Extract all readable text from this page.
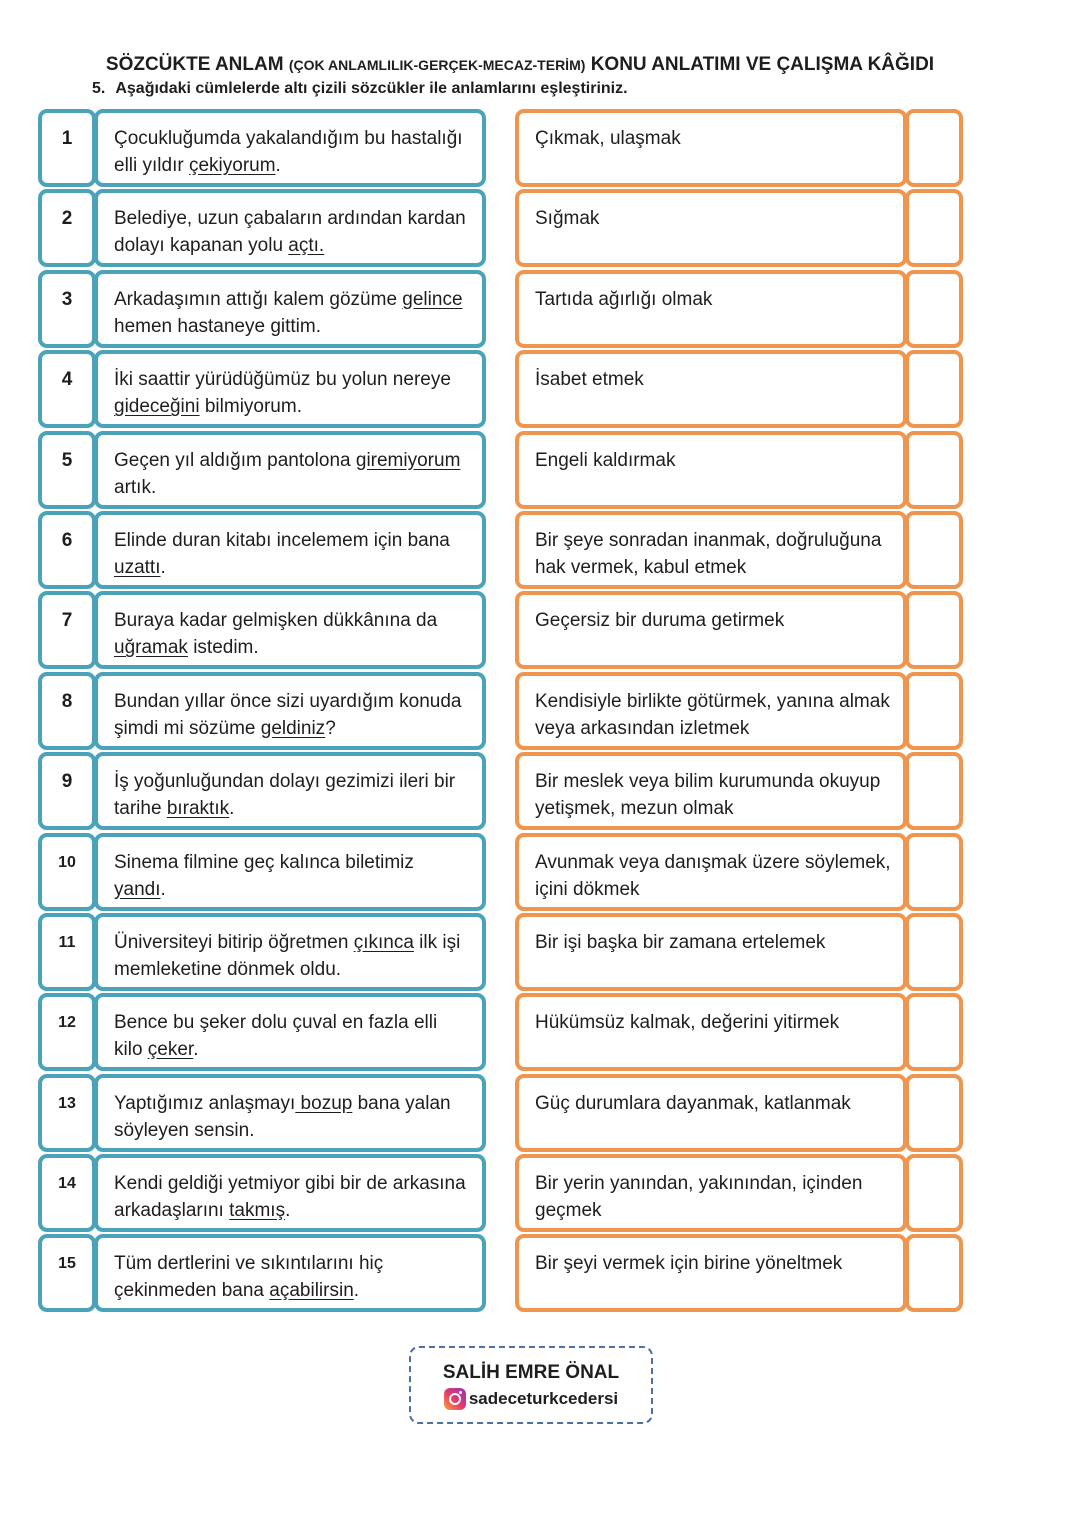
SÖZCÜKTE ANLAM (ÇOK ANLAMLILIK-GERÇEK-MECAZ-TERİM) KONU ANLATIMI VE ÇALIŞMA KÂĞIDI
5. Aşağıdaki cümlelerde altı çizili sözcükler ile anlamlarını eşleştiriniz.
1	Çocukluğumda yakalandığım bu hastalığı elli yıldır çekiyorum.
Çıkmak, ulaşmak
2	Belediye, uzun çabaların ardından kardan dolayı kapanan yolu açtı.
Sığmak
3	Arkadaşımın attığı kalem gözüme gelince hemen hastaneye gittim.
Tartıda ağırlığı olmak
4	İki saattir yürüdüğümüz bu yolun nereye gideceğini bilmiyorum.
İsabet etmek
5	Geçen yıl aldığım pantolona giremiyorum artık.
Engeli kaldırmak
6	Elinde duran kitabı incelemem için bana uzattı.
Bir şeye sonradan inanmak, doğruluğuna hak vermek, kabul etmek
7	Buraya kadar gelmişken dükkânına da uğramak istedim.
Geçersiz bir duruma getirmek
8	Bundan yıllar önce sizi uyardığım konuda şimdi mi sözüme geldiniz?
Kendisiyle birlikte götürmek, yanına almak veya arkasından izletmek
9	İş yoğunluğundan dolayı gezimizi ileri bir tarihe bıraktık.
Bir meslek veya bilim kurumunda okuyup yetişmek, mezun olmak
10	Sinema filmine geç kalınca biletimiz yandı.
Avunmak veya danışmak üzere söylemek, içini dökmek
11	Üniversiteyi bitirip öğretmen çıkınca ilk işi memleketine dönmek oldu.
Bir işi başka bir zamana ertelemek
12	Bence bu şeker dolu çuval en fazla elli kilo çeker.
Hükümsüz kalmak, değerini yitirmek
13	Yaptığımız anlaşmayı bozup bana yalan söyleyen sensin.
Güç durumlara dayanmak, katlanmak
14	Kendi geldiği yetmiyor gibi bir de arkasına arkadaşlarını takmış.
Bir yerin yanından, yakınından, içinden geçmek
15	Tüm dertlerini ve sıkıntılarını hiç çekinmeden bana açabilirsin.
Bir şeyi vermek için birine yöneltmek
SALİH EMRE ÖNAL
sadeceturkcedersi
